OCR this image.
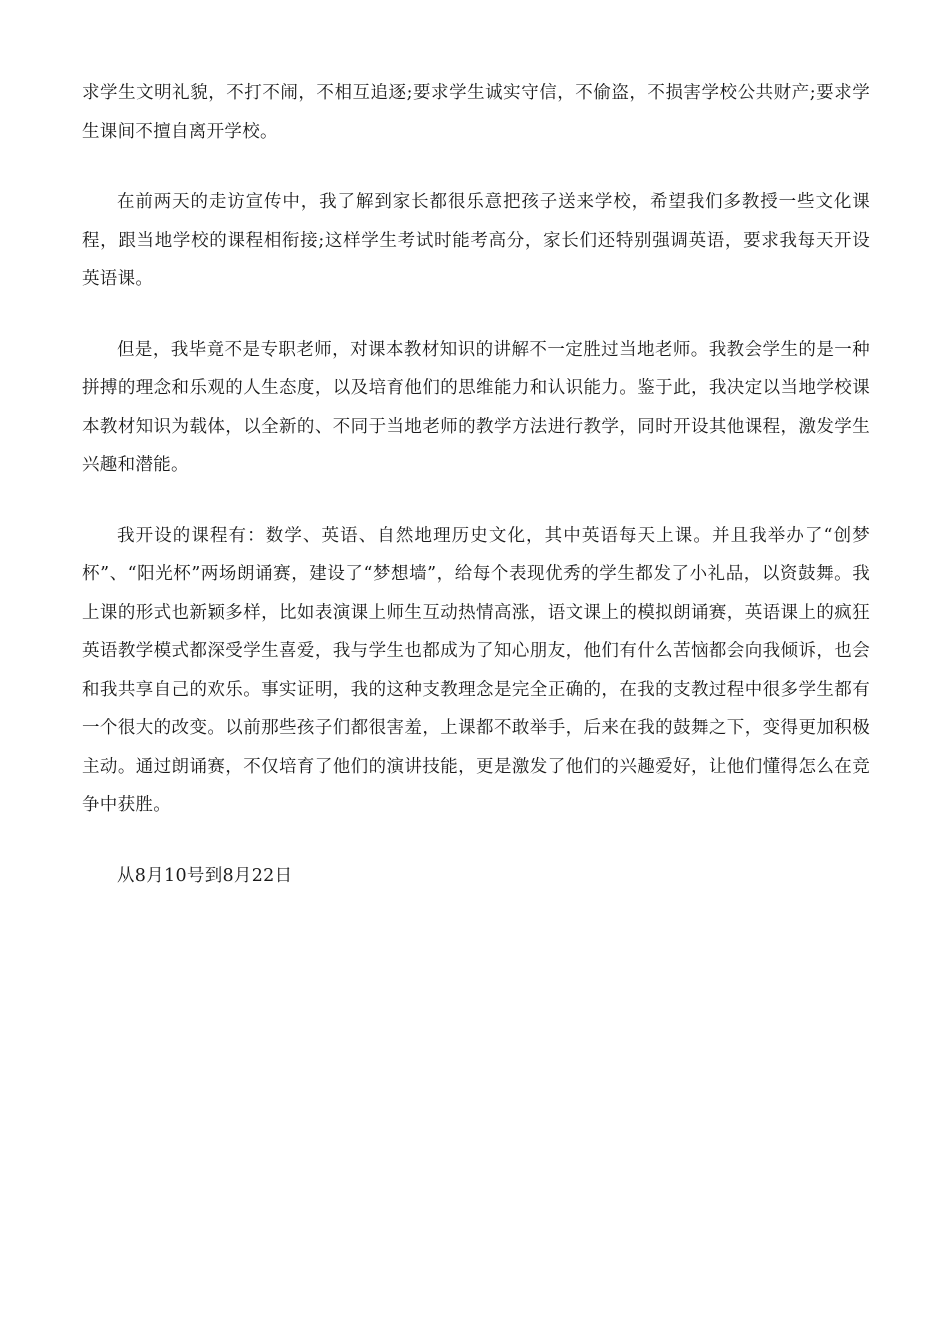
求学生文明礼貌，不打不闹，不相互追逐;要求学生诚实守信，不偷盗，不损害学校公共财产;要求学生课间不擅自离开学校。

在前两天的走访宣传中，我了解到家长都很乐意把孩子送来学校，希望我们多教授一些文化课程，跟当地学校的课程相衔接;这样学生考试时能考高分，家长们还特别强调英语，要求我每天开设英语课。

但是，我毕竟不是专职老师，对课本教材知识的讲解不一定胜过当地老师。我教会学生的是一种拼搏的理念和乐观的人生态度，以及培育他们的思维能力和认识能力。鉴于此，我决定以当地学校课本教材知识为载体，以全新的、不同于当地老师的教学方法进行教学，同时开设其他课程，激发学生兴趣和潜能。

我开设的课程有：数学、英语、自然地理历史文化，其中英语每天上课。并且我举办了“创梦杯”、“阳光杯”两场朗诵赛，建设了“梦想墙”，给每个表现优秀的学生都发了小礼品，以资鼓舞。我上课的形式也新颖多样，比如表演课上师生互动热情高涨，语文课上的模拟朗诵赛，英语课上的疯狂英语教学模式都深受学生喜爱，我与学生也都成为了知心朋友，他们有什么苦恼都会向我倾诉，也会和我共享自己的欢乐。事实证明，我的这种支教理念是完全正确的，在我的支教过程中很多学生都有一个很大的改变。以前那些孩子们都很害羞，上课都不敢举手，后来在我的鼓舞之下，变得更加积极主动。通过朗诵赛，不仅培育了他们的演讲技能，更是激发了他们的兴趣爱好，让他们懂得怎么在竞争中获胜。

从8月10号到8月22日
